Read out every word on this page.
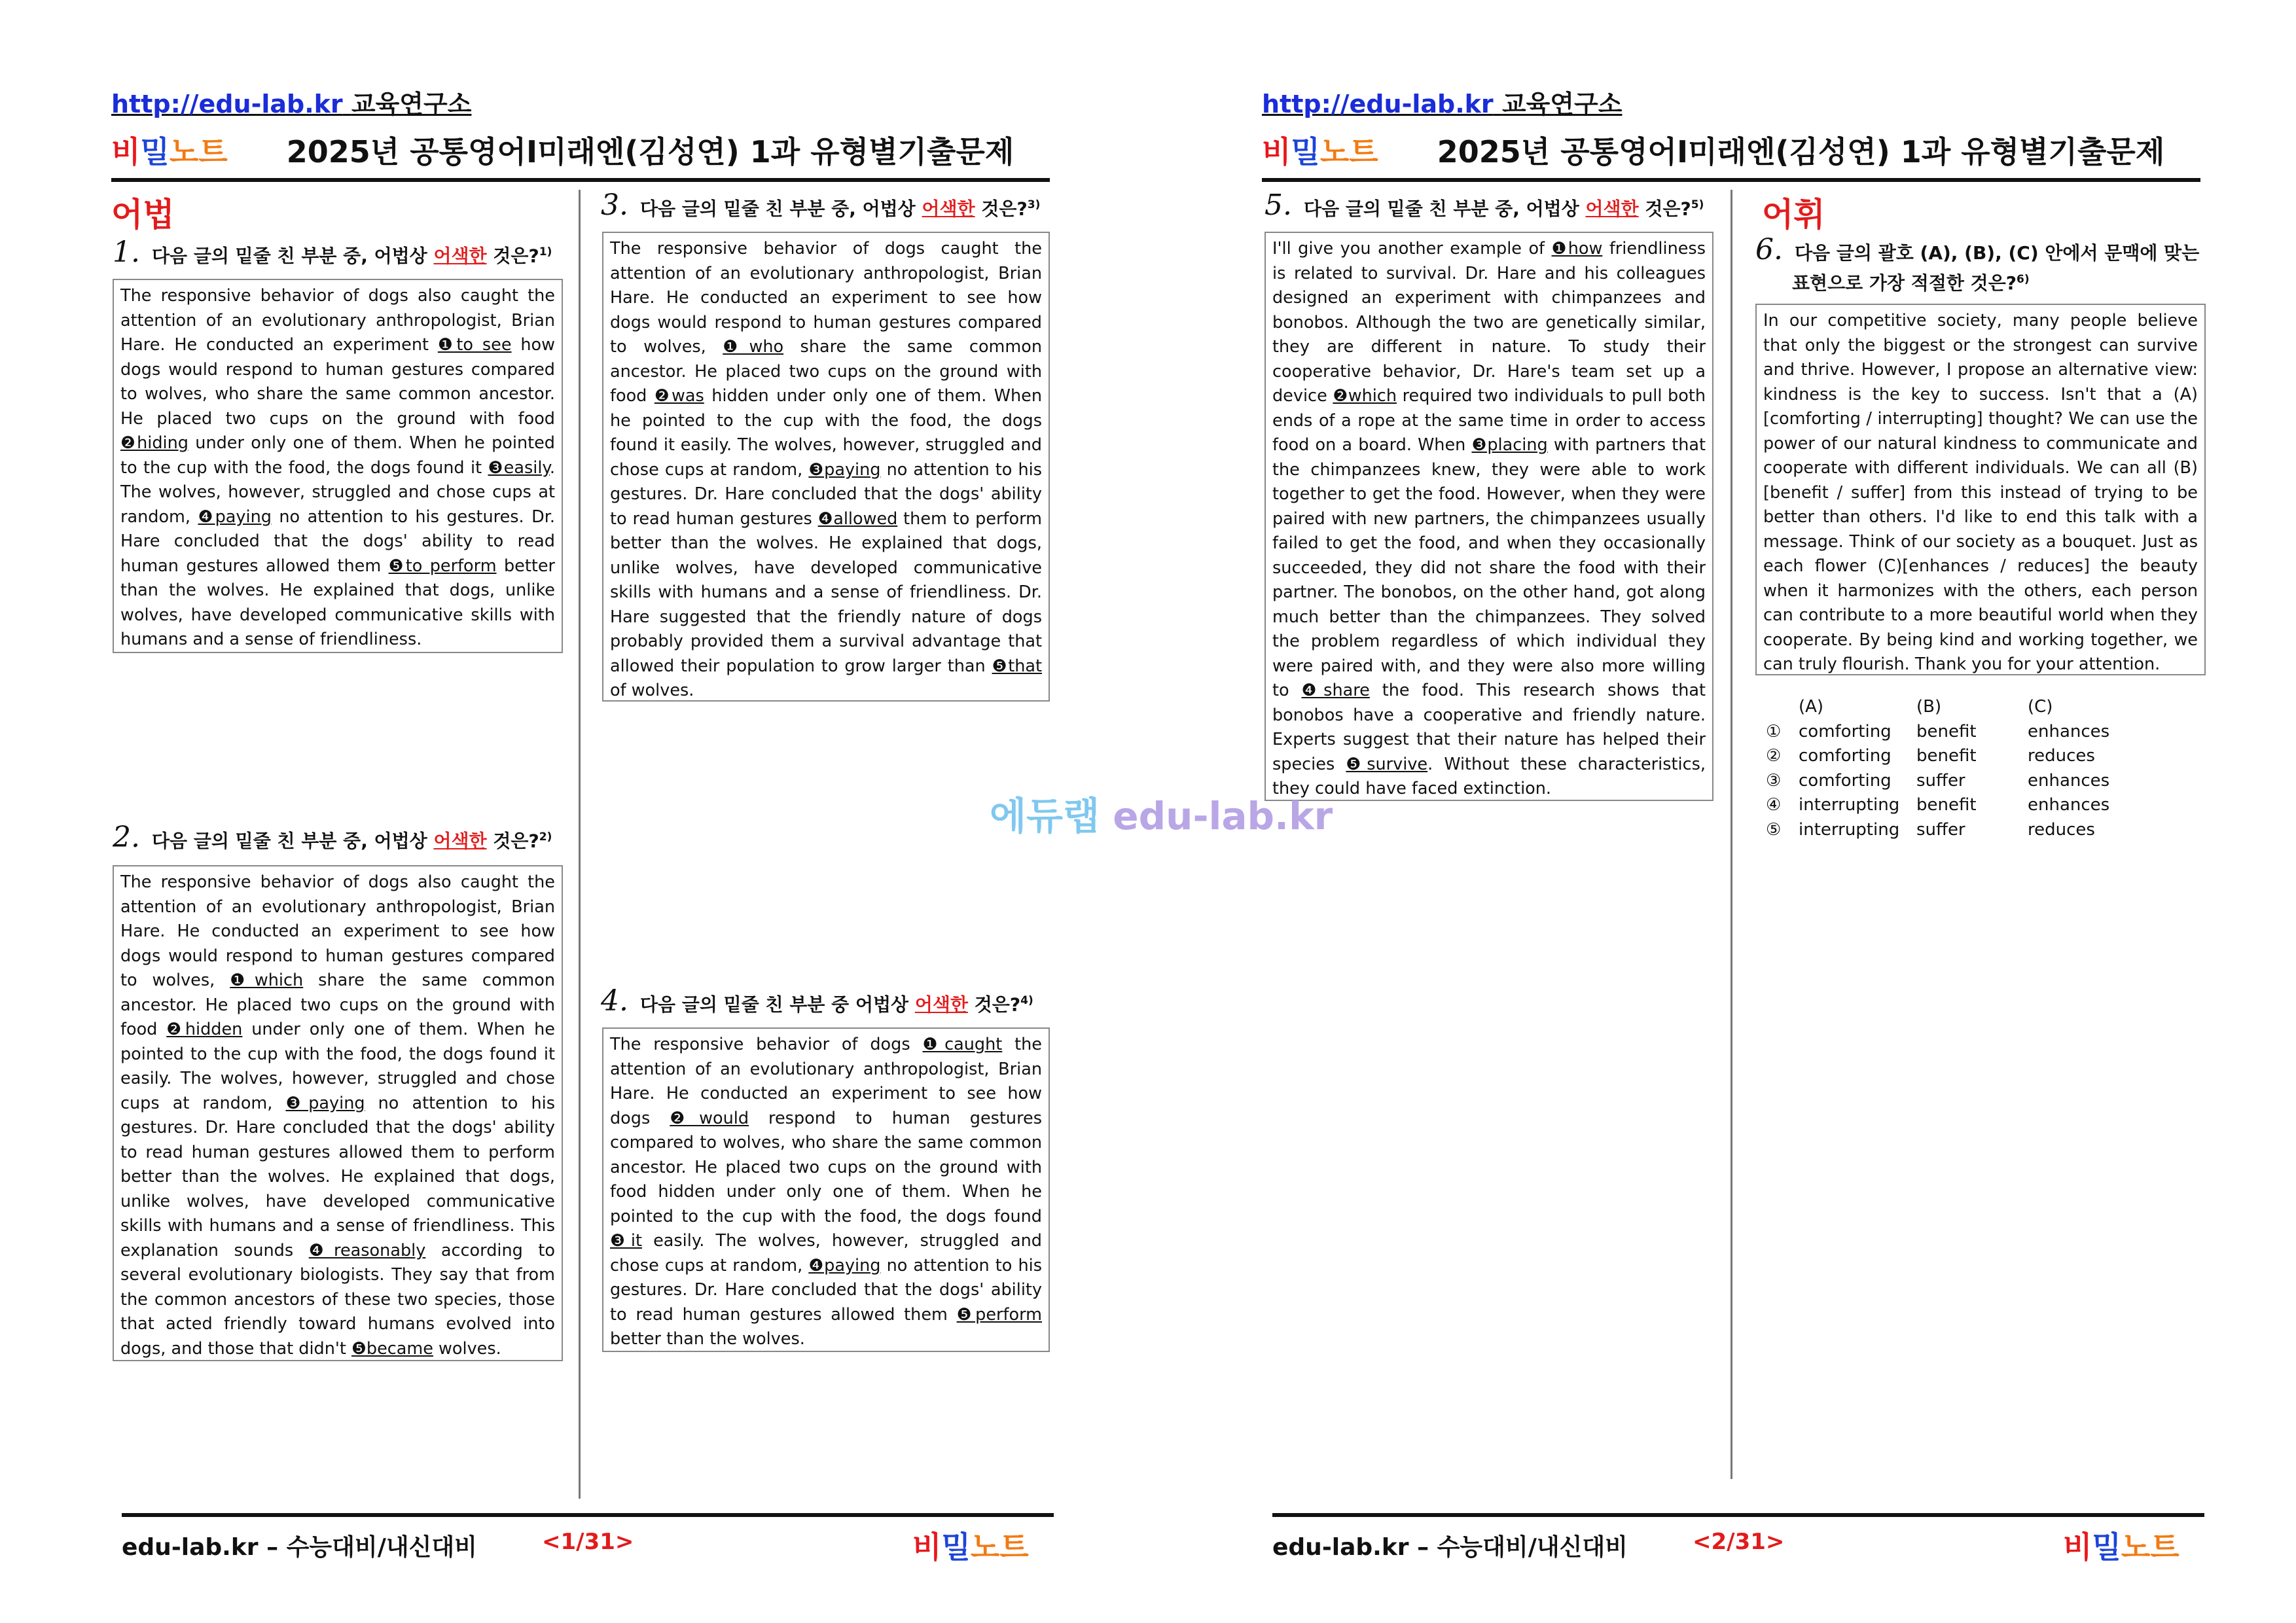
http://edu-lab.kr 교육연구소
비밀노트 2025년 공통영어Ⅰ미래엔(김성연) 1과 유형별기출문제
어법
1. 다음 글의 밑줄 친 부분 중, 어법상 어색한 것은?$^{1)}$
The responsive behavior of dogs also caught the attention of an evolutionary anthropologist, Brian Hare. He conducted an experiment ❶to see how dogs would respond to human gestures compared to wolves, who share the same common ancestor. He placed two cups on the ground with food ❷hiding under only one of them. When he pointed to the cup with the food, the dogs found it ❸easily. The wolves, however, struggled and chose cups at random, ❹paying no attention to his gestures. Dr. Hare concluded that the dogs' ability to read human gestures allowed them ❺to perform better than the wolves. He explained that dogs, unlike wolves, have developed communicative skills with humans and a sense of friendliness.
2. 다음 글의 밑줄 친 부분 중, 어법상 어색한 것은?$^{2)}$
The responsive behavior of dogs also caught the attention of an evolutionary anthropologist, Brian Hare. He conducted an experiment to see how dogs would respond to human gestures compared to wolves, ❶which share the same common ancestor. He placed two cups on the ground with food ❷hidden under only one of them. When he pointed to the cup with the food, the dogs found it easily. The wolves, however, struggled and chose cups at random, ❸paying no attention to his gestures. Dr. Hare concluded that the dogs' ability to read human gestures allowed them to perform better than the wolves. He explained that dogs, unlike wolves, have developed communicative skills with humans and a sense of friendliness. This explanation sounds ❹reasonably according to several evolutionary biologists. They say that from the common ancestors of these two species, those that acted friendly toward humans evolved into dogs, and those that didn't ❺became wolves.
3. 다음 글의 밑줄 친 부분 중, 어법상 어색한 것은?$^{3)}$
The responsive behavior of dogs caught the attention of an evolutionary anthropologist, Brian Hare. He conducted an experiment to see how dogs would respond to human gestures compared to wolves, ❶who share the same common ancestor. He placed two cups on the ground with food ❷was hidden under only one of them. When he pointed to the cup with the food, the dogs found it easily. The wolves, however, struggled and chose cups at random, ❸paying no attention to his gestures. Dr. Hare concluded that the dogs' ability to read human gestures ❹allowed them to perform better than the wolves. He explained that dogs, unlike wolves, have developed communicative skills with humans and a sense of friendliness. Dr. Hare suggested that the friendly nature of dogs probably provided them a survival advantage that allowed their population to grow larger than ❺that of wolves.
4. 다음 글의 밑줄 친 부분 중 어법상 어색한 것은?$^{4)}$
The responsive behavior of dogs ❶caught the attention of an evolutionary anthropologist, Brian Hare. He conducted an experiment to see how dogs ❷would respond to human gestures compared to wolves, who share the same common ancestor. He placed two cups on the ground with food hidden under only one of them. When he pointed to the cup with the food, the dogs found ❸it easily. The wolves, however, struggled and chose cups at random, ❹paying no attention to his gestures. Dr. Hare concluded that the dogs' ability to read human gestures allowed them ❺perform better than the wolves.
edu-lab.kr – 수능대비/내신대비	<1/31>	비밀노트
http://edu-lab.kr 교육연구소
비밀노트 2025년 공통영어Ⅰ미래엔(김성연) 1과 유형별기출문제
5. 다음 글의 밑줄 친 부분 중, 어법상 어색한 것은?$^{5)}$
I'll give you another example of ❶how friendliness is related to survival. Dr. Hare and his colleagues designed an experiment with chimpanzees and bonobos. Although the two are genetically similar, they are different in nature. To study their cooperative behavior, Dr. Hare's team set up a device ❷which required two individuals to pull both ends of a rope at the same time in order to access food on a board. When ❸placing with partners that the chimpanzees knew, they were able to work together to get the food. However, when they were paired with new partners, the chimpanzees usually failed to get the food, and when they occasionally succeeded, they did not share the food with their partner. The bonobos, on the other hand, got along much better than the chimpanzees. They solved the problem regardless of which individual they were paired with, and they were also more willing to ❹share the food. This research shows that bonobos have a cooperative and friendly nature. Experts suggest that their nature has helped their species ❺survive. Without these characteristics, they could have faced extinction.
어휘
6. 다음 글의 괄호 (A), (B), (C) 안에서 문맥에 맞는
표현으로 가장 적절한 것은?$^{6)}$
In our competitive society, many people believe that only the biggest or the strongest can survive and thrive. However, I propose an alternative view: kindness is the key to success. Isn't that a (A)[comforting / interrupting] thought? We can use the power of our natural kindness to communicate and cooperate with different individuals. We can all (B)[benefit / suffer] from this instead of trying to be better than others. I'd like to end this talk with a message. Think of our society as a bouquet. Just as each flower (C)[enhances / reduces] the beauty when it harmonizes with the others, each person can contribute to a more beautiful world when they cooperate. By being kind and working together, we can truly flourish. Thank you for your attention.
	(A)	(B)	(C)
①	comforting	benefit	enhances
②	comforting	benefit	reduces
③	comforting	suffer	enhances
④	interrupting	benefit	enhances
⑤	interrupting	suffer	reduces
edu-lab.kr – 수능대비/내신대비	<2/31>	비밀노트
에듀랩 edu-lab.kr
